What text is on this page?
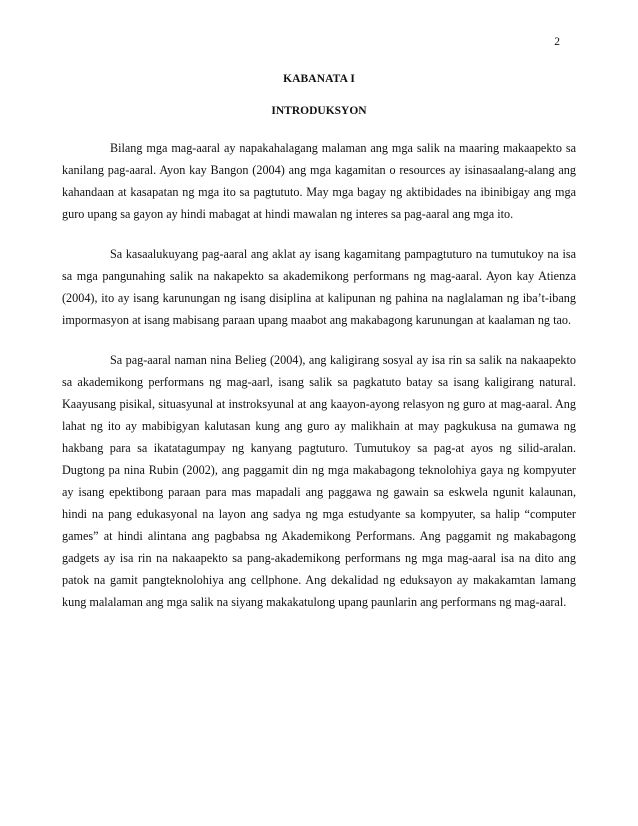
2
KABANATA I
INTRODUKSYON

Bilang mga mag-aaral ay napakahalagang malaman ang mga salik na maaring makaapekto sa kanilang pag-aaral. Ayon kay Bangon (2004) ang mga kagamitan o resources ay isinasaalang-alang ang kahandaan at kasapatan ng mga ito sa pagtututo. May mga bagay ng aktibidades na ibinibigay ang mga guro upang sa gayon ay hindi mabagat at hindi mawalan ng interes sa pag-aaral ang mga ito.

Sa kasaalukuyang pag-aaral ang aklat ay isang kagamitang pampagtuturo na tumutukoy na isa sa mga pangunahing salik na nakapekto sa akademikong performans ng mag-aaral. Ayon kay Atienza (2004), ito ay isang karunungan ng isang disiplina at kalipunan ng pahina na naglalaman ng iba’t-ibang impormasyon at isang mabisang paraan upang maabot ang makabagong karunungan at kaalaman ng tao.

Sa pag-aaral naman nina Belieg (2004), ang kaligirang sosyal ay isa rin sa salik na nakaapekto sa akademikong performans ng mag-aarl, isang salik sa pagkatuto batay sa isang kaligirang natural. Kaayusang pisikal, situasyunal at instroksyunal at ang kaayon-ayong relasyon ng guro at mag-aaral. Ang lahat ng ito ay mabibigyan kalutasan kung ang guro ay malikhain at may pagkukusa na gumawa ng hakbang para sa ikatatagumpay ng kanyang pagtuturo. Tumutukoy sa pag-at ayos ng silid-aralan. Dugtong pa nina Rubin (2002), ang paggamit din ng mga makabagong teknolohiya gaya ng kompyuter ay isang epektibong paraan para mas mapadali ang paggawa ng gawain sa eskwela ngunit kalaunan, hindi na pang edukasyonal na layon ang sadya ng mga estudyante sa kompyuter, sa halip “computer games” at hindi alintana ang pagbabsa ng Akademikong Performans. Ang paggamit ng makabagong gadgets ay isa rin na nakaapekto sa pang-akademikong performans ng mga mag-aaral isa na dito ang patok na gamit pangteknolohiya ang cellphone. Ang dekalidad ng eduksayon ay makakamtan lamang kung malalaman ang mga salik na siyang makakatulong upang paunlarin ang performans ng mag-aaral.
